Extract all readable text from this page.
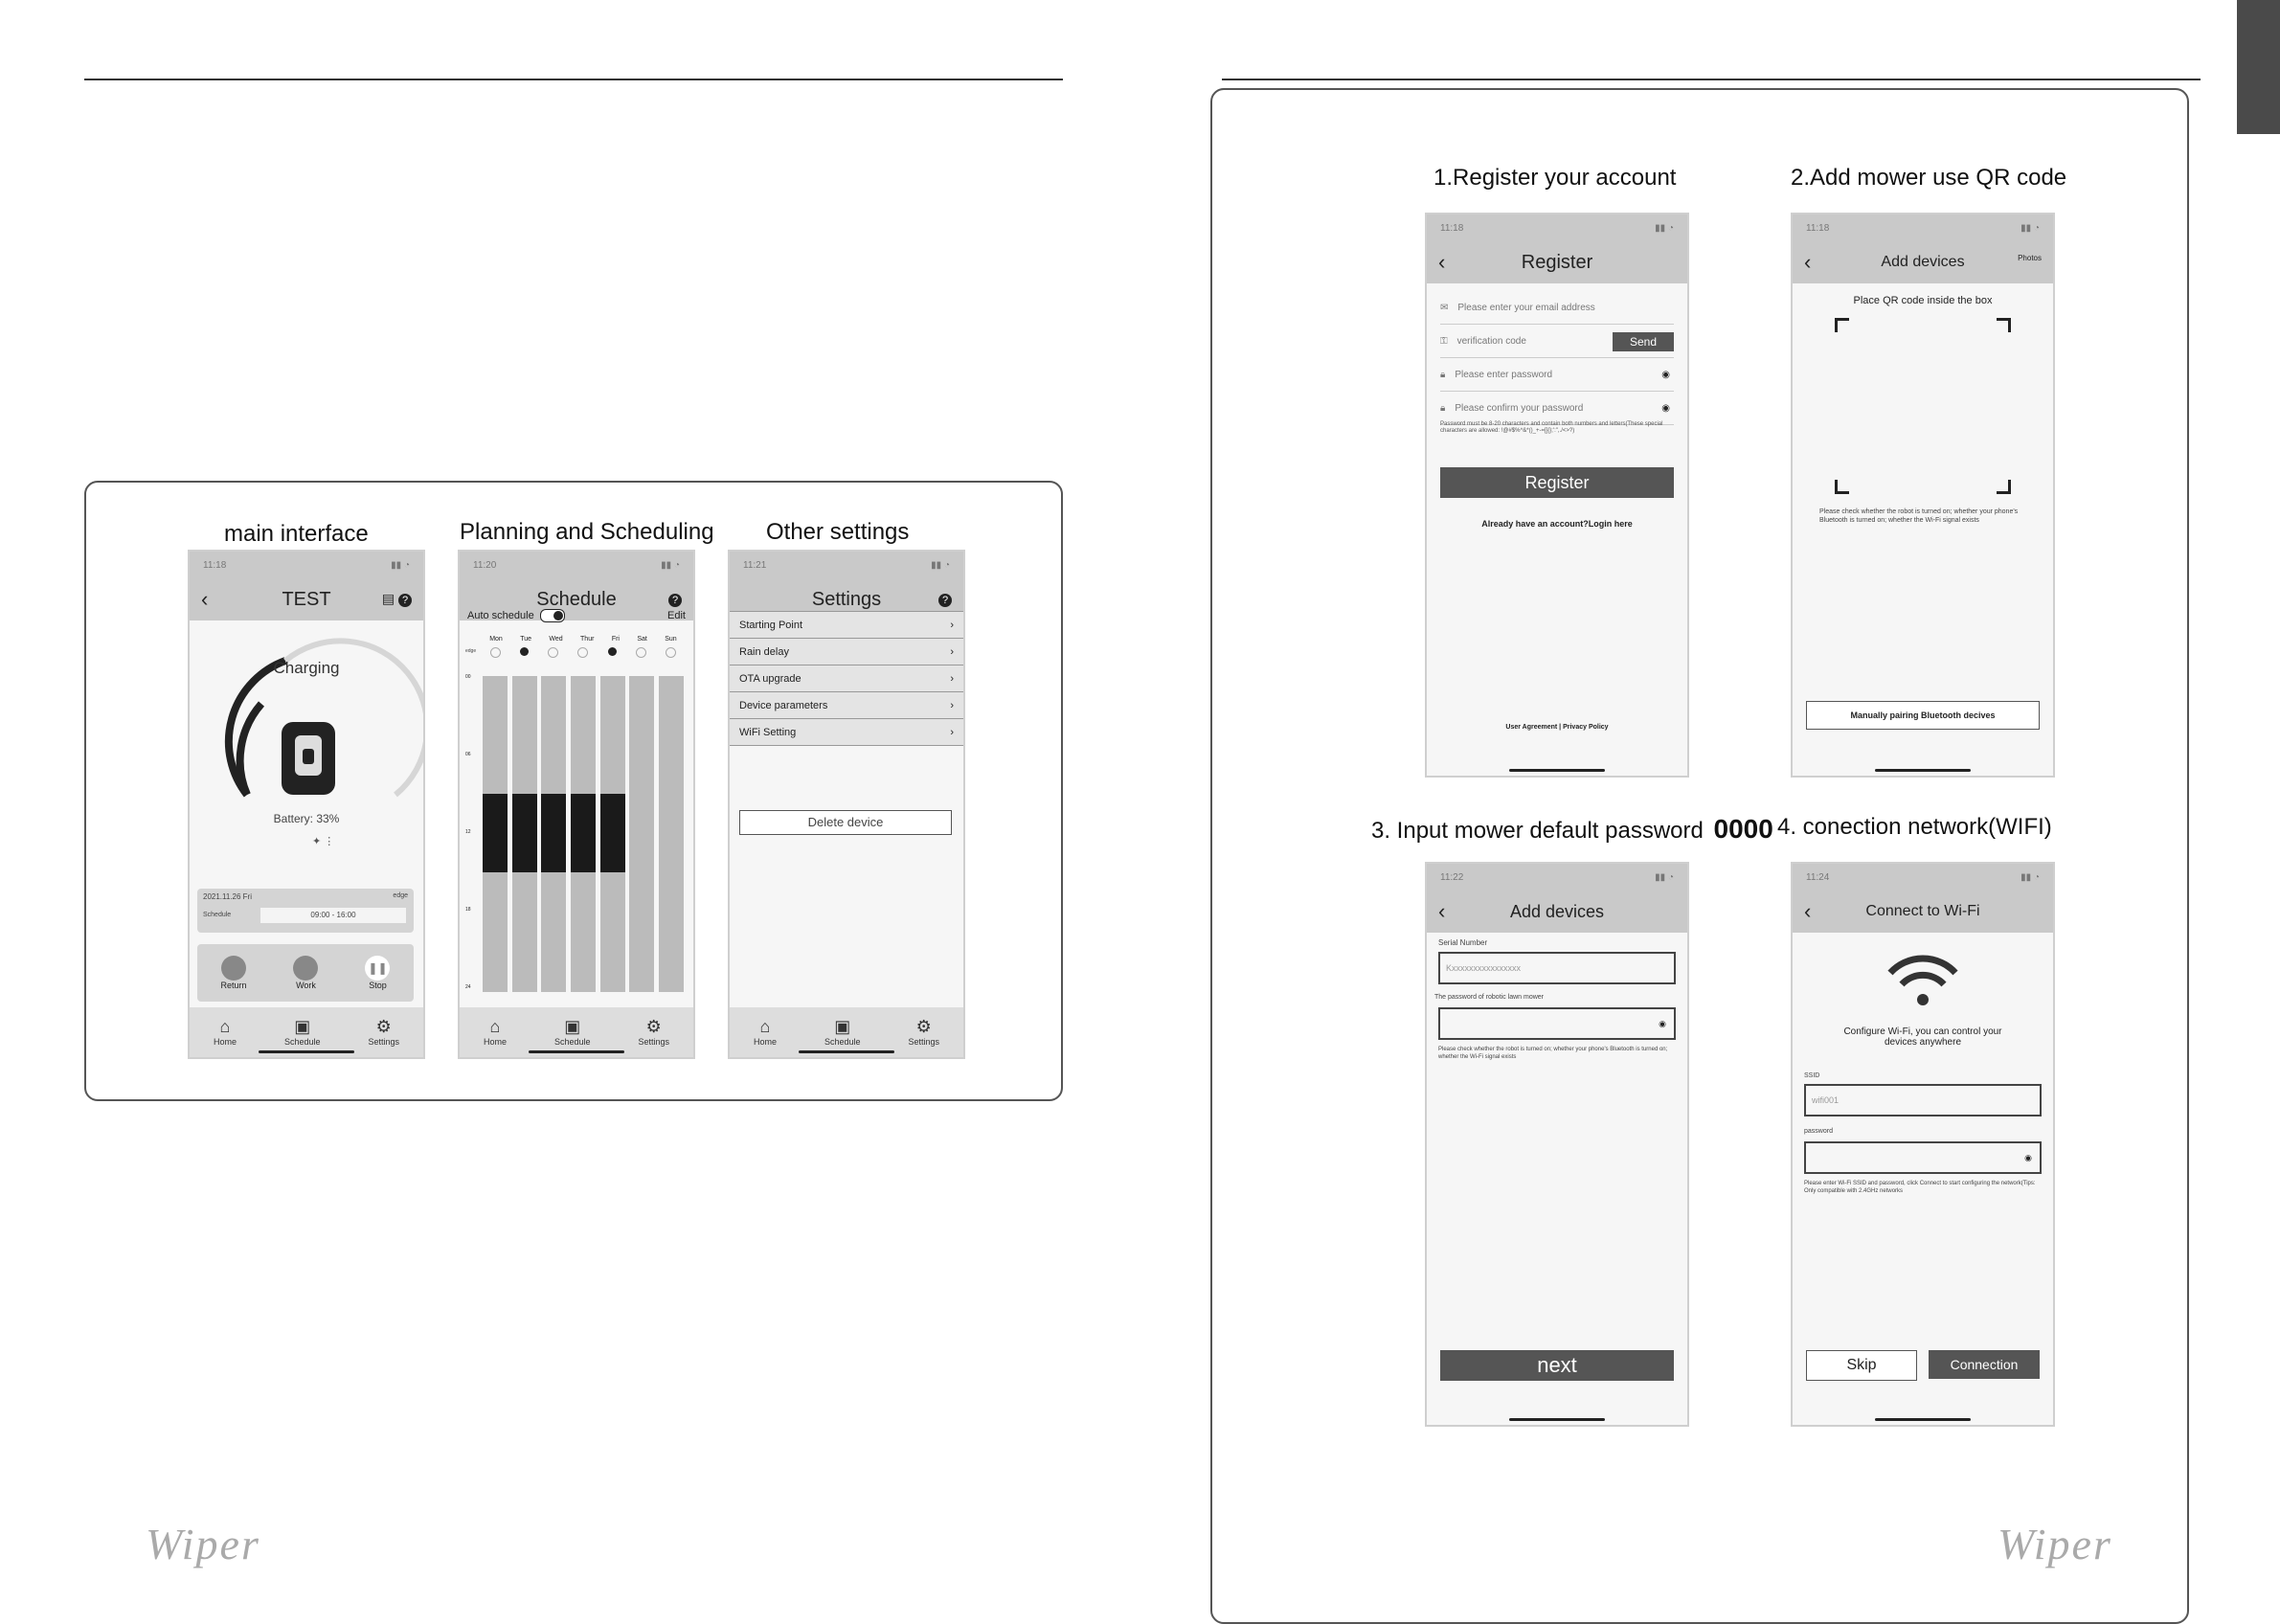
main interface	Planning and Scheduling Other settings
11:18	▮▮ ◔
‹	TEST	▤ ?
Charging
Battery: 33%
✦ ⋮
2021.11.26 Fri	edge
Schedule	09:00 - 16:00
Return	Work
❚❚
Stop
⌂
Home
▣
Schedule
⚙
Settings
11:20	▮▮ ◔
Schedule	?
Auto schedule	Edit
Mon	Tue	Wed	Thur	Fri	Sat	Sun
edge
00
06
12
18
24
⌂
Home
▣
Schedule
⚙
Settings
11:21	▮▮ ◔
Settings	?
Starting Point	›
Rain delay	›
OTA upgrade	›
Device parameters	›
WiFi Setting	›
Delete device
⌂
Home
▣
Schedule
⚙
Settings
Wiper
1.Register your account	2.Add mower use QR code
3. Input mower default password 0000 4. conection network(WIFI)
11:18	▮▮ ◔
‹	Register
✉ Please enter your email address
⚿ verification code	Send
🔒︎ Please enter password	◉
🔒︎ Please confirm your password	◉
Password must be 8-20 characters and contain both numbers and letters(These special characters are allowed: !@#$%^&*()_+-=[]{};':",./<>?)
Register
Already have an account?Login here
User Agreement | Privacy Policy
11:18	▮▮ ◔
‹	Add devices	Photos
Place QR code inside the box
Please check whether the robot is turned on; whether your phone's Bluetooth is turned on; whether the Wi-Fi signal exists
Manually pairing Bluetooth decives
11:22	▮▮ ◔
‹	Add devices
Serial Number
Kxxxxxxxxxxxxxxxx
The password of robotic lawn mower
◉
Please check whether the robot is turned on; whether your phone's Bluetooth is turned on; whether the Wi-Fi signal exists
next
11:24	▮▮ ◔
‹	Connect to Wi-Fi
Configure Wi-Fi, you can control your devices anywhere
SSID
wifi001
password
◉
Please enter Wi-Fi SSID and password, click Connect to start configuring the network(Tips: Only compatible with 2.4GHz networks
Skip	Connection
Wiper
